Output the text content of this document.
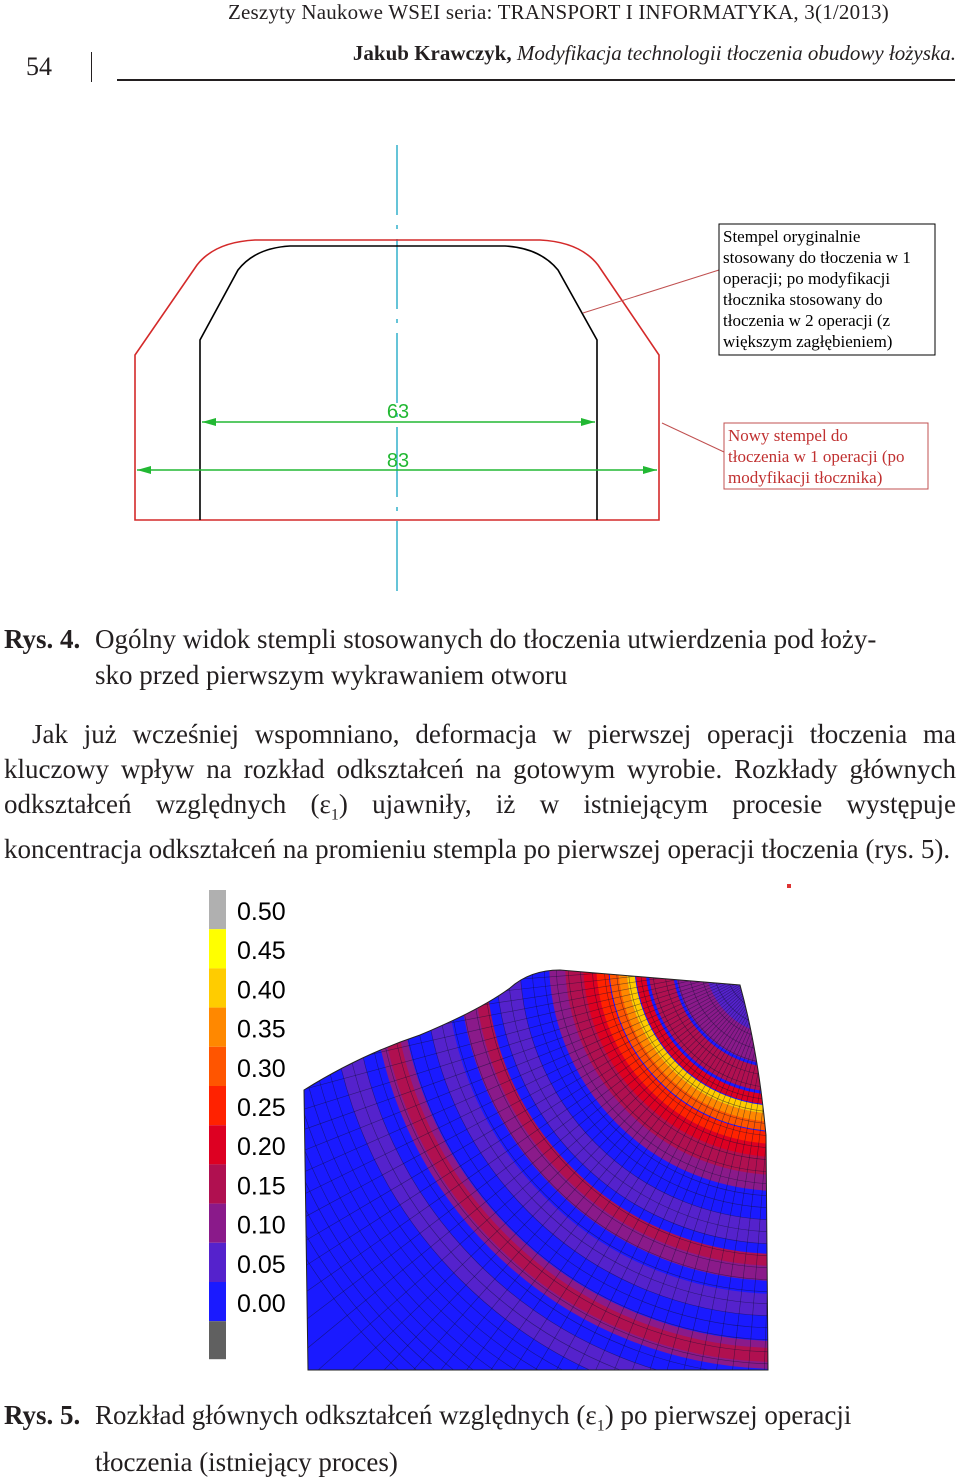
Zeszyty Naukowe WSEI seria: TRANSPORT I INFORMATYKA, 3(1/2013)
54	Jakub Krawczyk, Modyfikacja technologii tłoczenia obudowy łożyska.
63
83
Stempel oryginalnie
stosowany do tłoczenia w 1
operacji; po modyfikacji
tłocznika stosowany do
tłoczenia w 2 operacji (z
większym zagłębieniem)
Nowy stempel do
tłoczenia w 1 operacji (po
modyfikacji tłocznika)
Rys. 4. Ogólny widok stempli stosowanych do tłoczenia utwierdzenia pod łoży-
sko przed pierwszym wykrawaniem otworu
Jak już wcześniej wspomniano, deformacja w pierwszej operacji tłoczenia ma kluczowy wpływ na rozkład odkształceń na gotowym wyrobie. Rozkłady głównych odkształceń względnych $(\varepsilon_1)$ ujawniły, iż w istniejącym procesie występuje koncentracja odkształceń na promieniu stempla po pierwszej operacji tłoczenia (rys. 5).
0.50
0.45
0.40
0.35
0.30
0.25
0.20
0.15
0.10
0.05
0.00
Rys. 5. Rozkład głównych odkształceń względnych $(\varepsilon_1)$ po pierwszej operacji
tłoczenia (istniejący proces)
